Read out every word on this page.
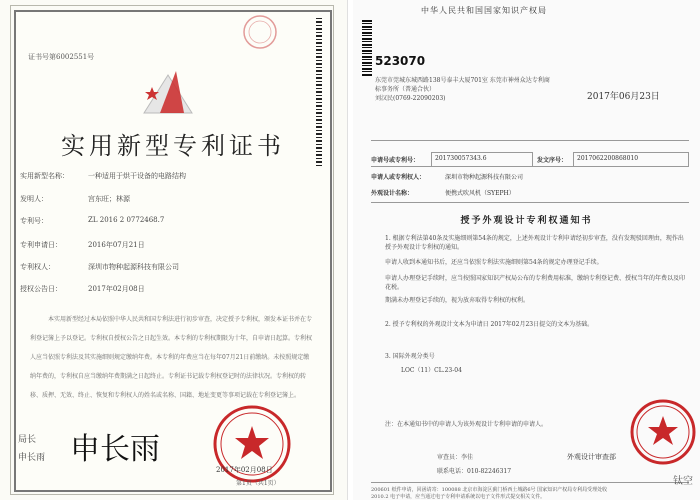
证书号第6002551号
实用新型专利证书
实用新型名称：	一种适用于烘干设备的电路结构
发明人：	宫东旺；林源
专利号：	ZL 2016 2 0772468.7
专利申请日：	2016年07月21日
专利权人：	深圳市物种起源科技有限公司
授权公告日：	2017年02月08日
本实用新型经过本局依照中华人民共和国专利法进行初步审查，决定授予专利权，颁发本证书并在专利登记簿上予以登记。专利权自授权公告之日起生效。本专利的专利权期限为十年，自申请日起算。专利权人应当依照专利法及其实施细则规定缴纳年费。本专利的年费应当在每年07月21日前缴纳。未按照规定缴纳年费的，专利权自应当缴纳年费期满之日起终止。专利证书记载专利权登记时的法律状况。专利权的转移、质押、无效、终止、恢复和专利权人的姓名或名称、国籍、地址变更等事项记载在专利登记簿上。
局长
申长雨 申长雨
2017年02月08日
第1页（共1页）
中华人民共和国国家知识产权局
523070
东莞市莞城东城西路138号泰丰大厦701室 东莞市神州众达专利商
标事务所（普通合伙）
刘汉民(0769-22090203)	2017年06月23日
申请号或专利号：	201730057343.6	发文序号： 2017062200868010
申请人或专利权人：	深圳市物种起源科技有限公司
外观设计名称：	便携式吹风机（SYEPH）
授予外观设计专利权通知书
1. 根据专利法第40条及实施细则第54条的规定，上述外观设计专利申请经初步审查，没有发现驳回理由，现作出授予外观设计专利权的通知。
申请人收到本通知书后，还应当依照专利法实施细则第54条的规定办理登记手续。
申请人办理登记手续时，应当按照国家知识产权局公布的专利费用标准，缴纳专利登记费、授权当年的年费以及印花税。
期满未办理登记手续的，视为放弃取得专利权的权利。
2. 授予专利权的外观设计文本为申请日 2017年02月23日提交的文本为基础。
3. 国际外观分类号
LOC（11）CL.23-04
注：在本通知书中的申请人为该外观设计专利申请的申请人。
审查员：李佳
联系电话：010-82246317
外观设计审查部
200601 纸件申请，回函请寄：100088 北京市海淀区蓟门桥西土城路6号 国家知识产权局专利局受理处收
2010.2 电子申请，应当通过电子专利申请系统以电子文件形式提交相关文件。
钛空
